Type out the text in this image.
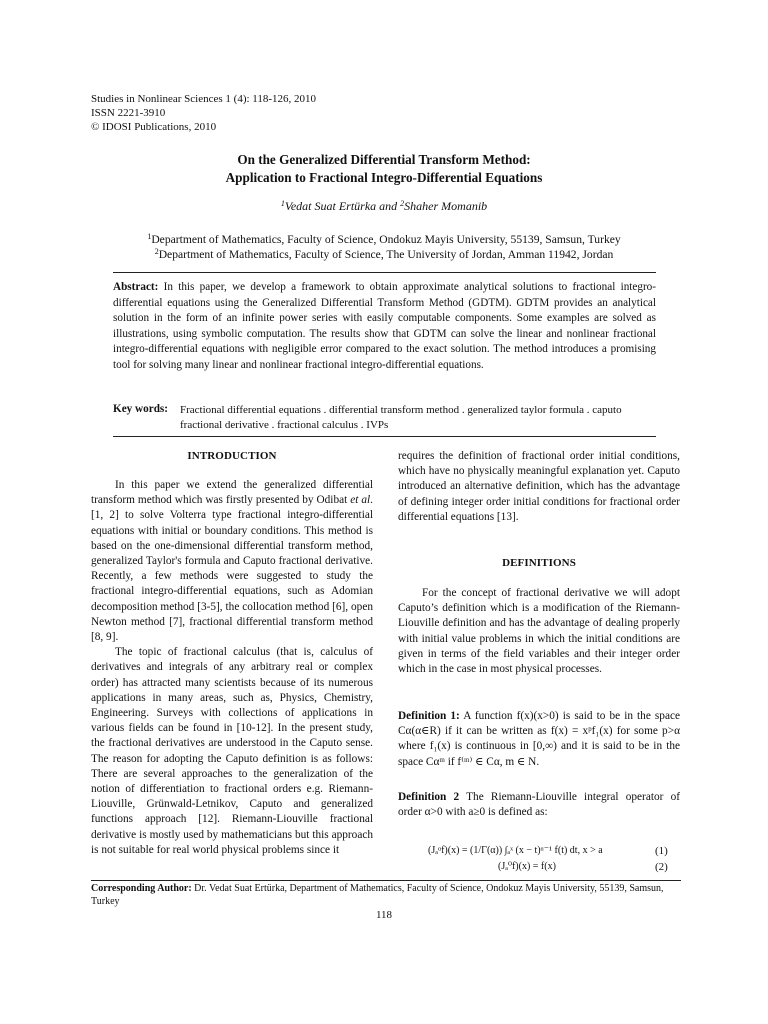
Studies in Nonlinear Sciences 1 (4): 118-126, 2010
ISSN 2221-3910
© IDOSI Publications, 2010
On the Generalized Differential Transform Method:
Application to Fractional Integro-Differential Equations
$^1$Vedat Suat Ertürka and $^2$Shaher Momanib
$^1$Department of Mathematics, Faculty of Science, Ondokuz Mayis University, 55139, Samsun, Turkey
$^2$Department of Mathematics, Faculty of Science, The University of Jordan, Amman 11942, Jordan
Abstract: In this paper, we develop a framework to obtain approximate analytical solutions to fractional integro-differential equations using the Generalized Differential Transform Method (GDTM). GDTM provides an analytical solution in the form of an infinite power series with easily computable components. Some examples are solved as illustrations, using symbolic computation. The results show that GDTM can solve the linear and nonlinear fractional integro-differential equations with negligible error compared to the exact solution. The method introduces a promising tool for solving many linear and nonlinear fractional integro-differential equations.
Key words: Fractional differential equations . differential transform method . generalized taylor formula . caputo fractional derivative . fractional calculus . IVPs
INTRODUCTION

In this paper we extend the generalized differential transform method which was firstly presented by Odibat et al. [1, 2] to solve Volterra type fractional integro-differential equations with initial or boundary conditions. This method is based on the one-dimensional differential transform method, generalized Taylor's formula and Caputo fractional derivative. Recently, a few methods were suggested to study the fractional integro-differential equations, such as Adomian decomposition method [3-5], the collocation method [6], open Newton method [7], fractional differential transform method [8, 9].

The topic of fractional calculus (that is, calculus of derivatives and integrals of any arbitrary real or complex order) has attracted many scientists because of its numerous applications in many areas, such as, Physics, Chemistry, Engineering. Surveys with collections of applications in various fields can be found in [10-12]. In the present study, the fractional derivatives are understood in the Caputo sense. The reason for adopting the Caputo definition is as follows: There are several approaches to the generalization of the notion of differentiation to fractional orders e.g. Riemann-Liouville, Grünwald-Letnikov, Caputo and generalized functions approach [12]. Riemann-Liouville fractional derivative is mostly used by mathematicians but this approach is not suitable for real world physical problems since it

requires the definition of fractional order initial conditions, which have no physically meaningful explanation yet. Caputo introduced an alternative definition, which has the advantage of defining integer order initial conditions for fractional order differential equations [13].

DEFINITIONS

For the concept of fractional derivative we will adopt Caputo’s definition which is a modification of the Riemann-Liouville definition and has the advantage of dealing properly with initial value problems in which the initial conditions are given in terms of the field variables and their integer order which in the case in most physical processes.

Definition 1: A function f(x)(x>0) is said to be in the space Cα(α∈R) if it can be written as f(x) = xᵖf₁(x) for some p>α where f₁(x) is continuous in [0,∞) and it is said to be in the space Cαᵐ if f⁽ᵐ⁾ ∈ Cα, m ∈ N.

Definition 2 The Riemann-Liouville integral operator of order α>0 with a≥0 is defined as:

(Jₐᵅf)(x) = (1/Γ(α)) ∫ₐˣ (x − t)ᵅ⁻¹ f(t) dt, x > a	(1)
(Jₐ⁰f)(x) = f(x)	(2)
Corresponding Author: Dr. Vedat Suat Ertürka, Department of Mathematics, Faculty of Science, Ondokuz Mayis University, 55139, Samsun, Turkey
118
